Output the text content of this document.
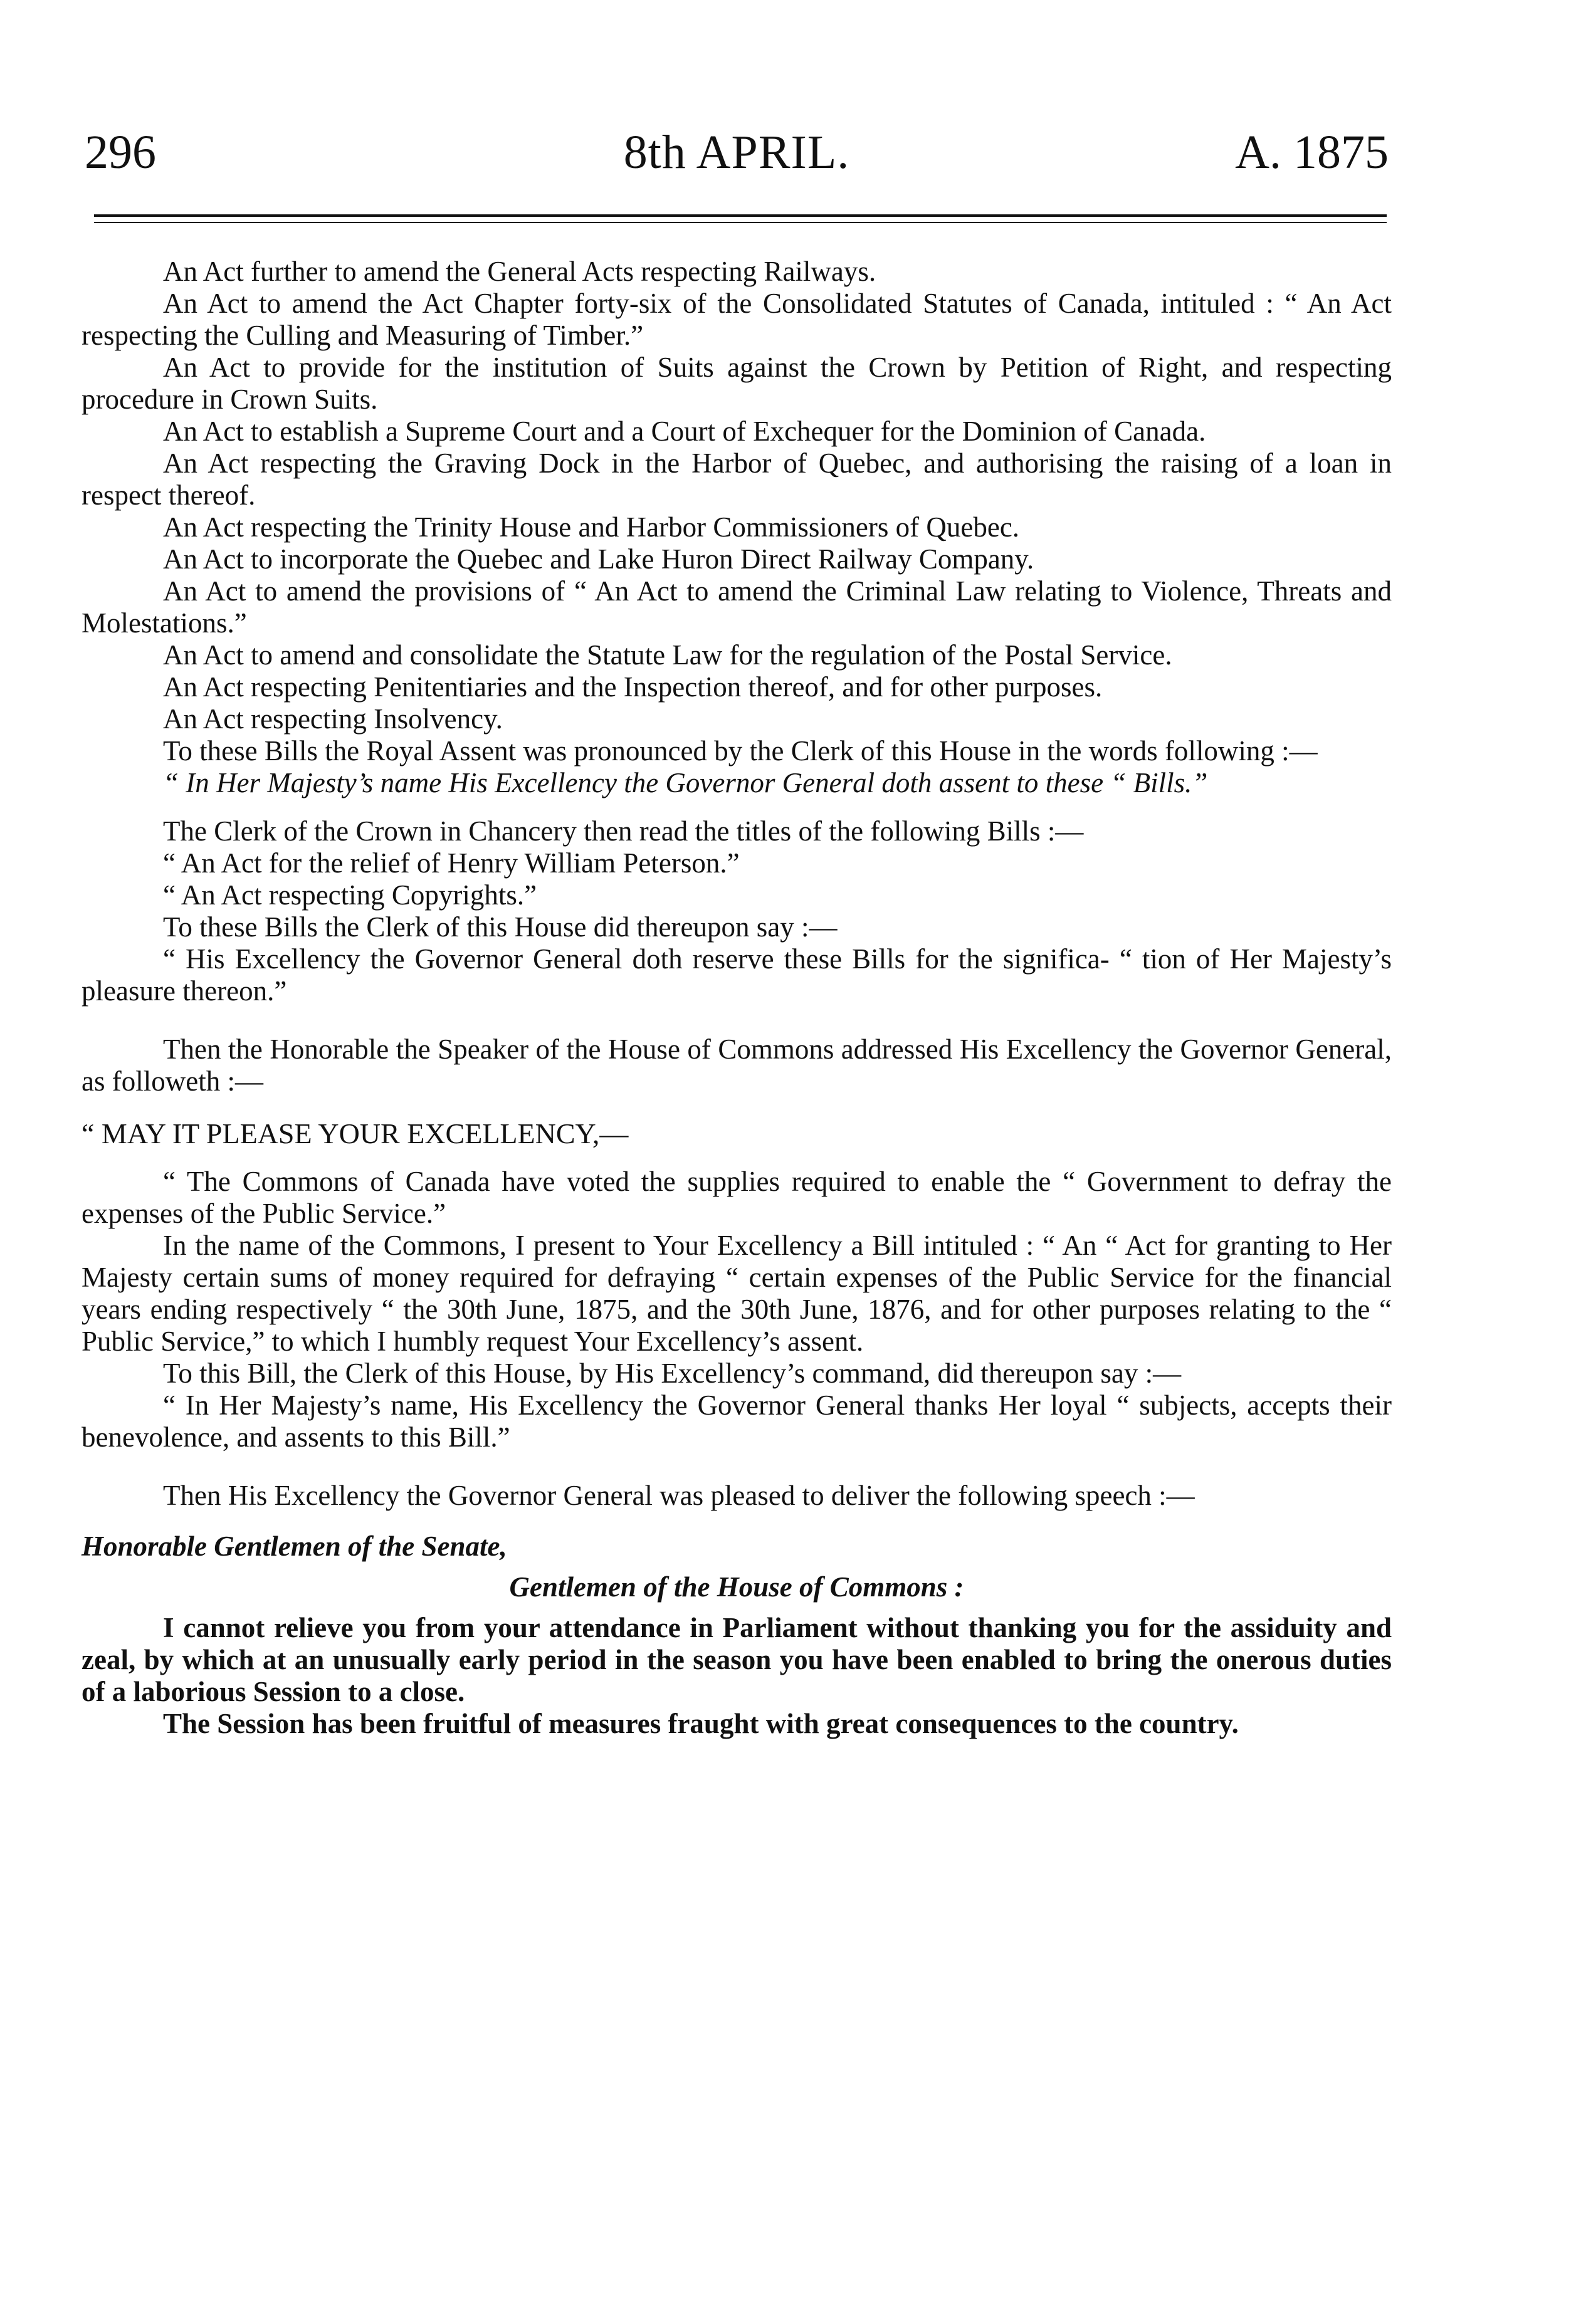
296	8th APRIL.	A. 1875

An Act further to amend the General Acts respecting Railways.

An Act to amend the Act Chapter forty-six of the Consolidated Statutes of Canada, intituled : “ An Act respecting the Culling and Measuring of Timber.”

An Act to provide for the institution of Suits against the Crown by Petition of Right, and respecting procedure in Crown Suits.

An Act to establish a Supreme Court and a Court of Exchequer for the Dominion of Canada.

An Act respecting the Graving Dock in the Harbor of Quebec, and authorising the raising of a loan in respect thereof.

An Act respecting the Trinity House and Harbor Commissioners of Quebec.

An Act to incorporate the Quebec and Lake Huron Direct Railway Company.

An Act to amend the provisions of “ An Act to amend the Criminal Law relating to Violence, Threats and Molestations.”

An Act to amend and consolidate the Statute Law for the regulation of the Postal Service.

An Act respecting Penitentiaries and the Inspection thereof, and for other purposes.

An Act respecting Insolvency.

To these Bills the Royal Assent was pronounced by the Clerk of this House in the words following :—

“ In Her Majesty’s name His Excellency the Governor General doth assent to these “ Bills.”

The Clerk of the Crown in Chancery then read the titles of the following Bills :—

“ An Act for the relief of Henry William Peterson.”

“ An Act respecting Copyrights.”

To these Bills the Clerk of this House did thereupon say :—

“ His Excellency the Governor General doth reserve these Bills for the significa- “ tion of Her Majesty’s pleasure thereon.”

Then the Honorable the Speaker of the House of Commons addressed His Excellency the Governor General, as followeth :—

“ MAY IT PLEASE YOUR EXCELLENCY,—

“ The Commons of Canada have voted the supplies required to enable the “ Government to defray the expenses of the Public Service.”

In the name of the Commons, I present to Your Excellency a Bill intituled : “ An “ Act for granting to Her Majesty certain sums of money required for defraying “ certain expenses of the Public Service for the financial years ending respectively “ the 30th June, 1875, and the 30th June, 1876, and for other purposes relating to the “ Public Service,” to which I humbly request Your Excellency’s assent.

To this Bill, the Clerk of this House, by His Excellency’s command, did thereupon say :—

“ In Her Majesty’s name, His Excellency the Governor General thanks Her loyal “ subjects, accepts their benevolence, and assents to this Bill.”

Then His Excellency the Governor General was pleased to deliver the following speech :—

Honorable Gentlemen of the Senate,

Gentlemen of the House of Commons :

I cannot relieve you from your attendance in Parliament without thanking you for the assiduity and zeal, by which at an unusually early period in the season you have been enabled to bring the onerous duties of a laborious Session to a close.

The Session has been fruitful of measures fraught with great consequences to the country.
